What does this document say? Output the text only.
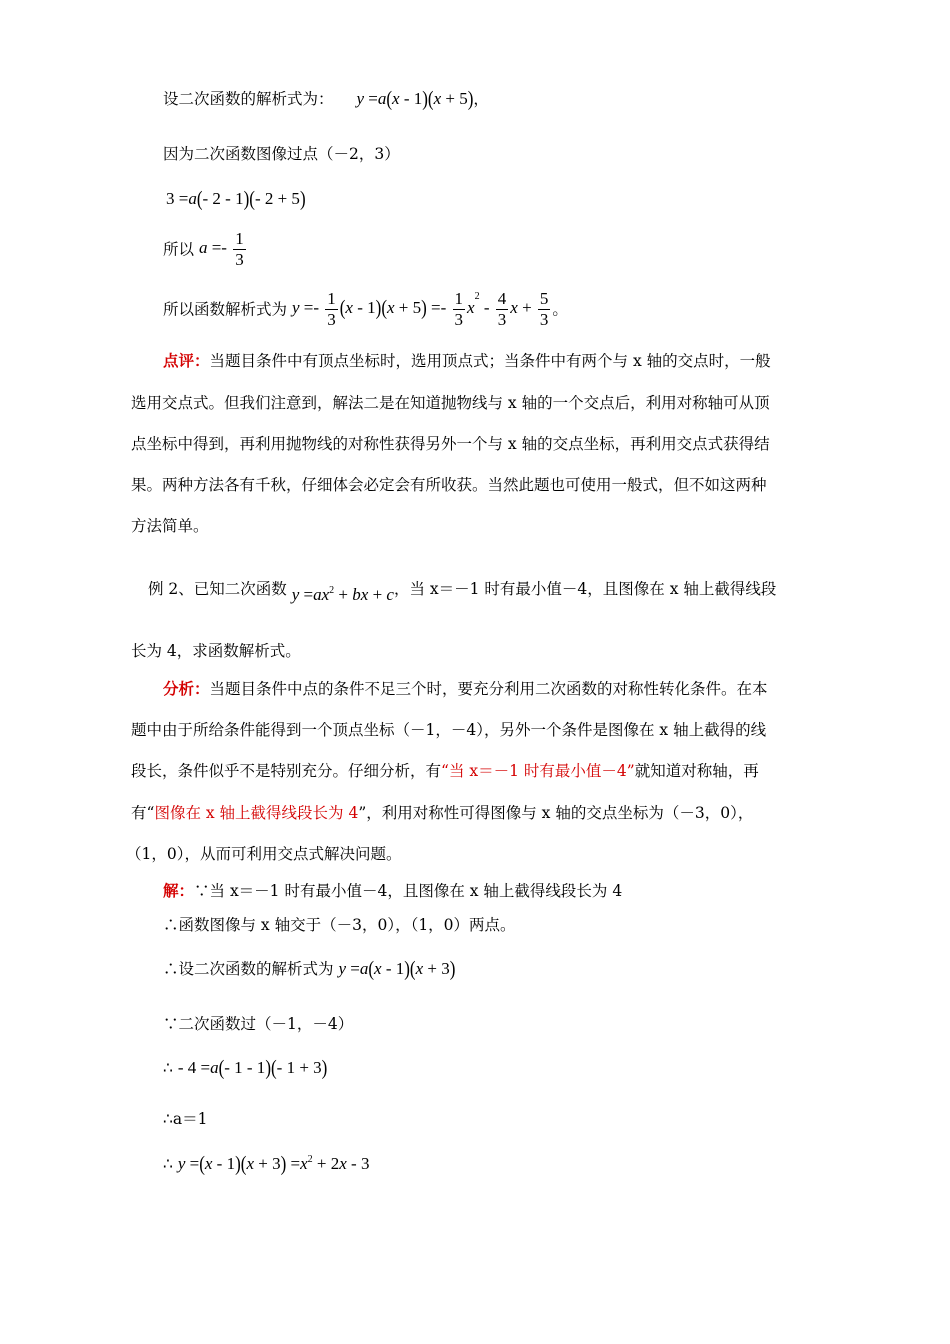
设二次函数的解析式为： y =a(x - 1)(x + 5)，
因为二次函数图像过点（－2，3）
3 =a(- 2 - 1)(- 2 + 5)
所以 $a =- \frac{1}{3}$
所以函数解析式为 $y =- \frac{1}{3} (x - 1)(x + 5) =- \frac{1}{3} x^2 - \frac{4}{3}$ $x + \frac{5}{3}$ 。
点评：当题目条件中有顶点坐标时，选用顶点式；当条件中有两个与 x 轴的交点时，一般
选用交点式。但我们注意到，解法二是在知道抛物线与 x 轴的一个交点后，利用对称轴可从顶
点坐标中得到，再利用抛物线的对称性获得另外一个与 x 轴的交点坐标，再利用交点式获得结
果。两种方法各有千秋，仔细体会必定会有所收获。当然此题也可使用一般式，但不如这两种
方法简单。
例 2、已知二次函数 $y =ax^2$ + bx + c，当 x＝－1 时有最小值－4，且图像在 x 轴上截得线段
长为 4，求函数解析式。
分析：当题目条件中点的条件不足三个时，要充分利用二次函数的对称性转化条件。在本
题中由于所给条件能得到一个顶点坐标（－1，－4），另外一个条件是图像在 x 轴上截得的线
段长，条件似乎不是特别充分。仔细分析，有“当 x＝－1 时有最小值－4”就知道对称轴，再
有“图像在 x 轴上截得线段长为 4”，利用对称性可得图像与 x 轴的交点坐标为（－3，0），
（1，0），从而可利用交点式解决问题。
解：∵当 x＝－1 时有最小值－4，且图像在 x 轴上截得线段长为 4
∴函数图像与 x 轴交于（－3，0），（1，0）两点。
∴设二次函数的解析式为 y =a(x - 1)(x + 3)
∵二次函数过（－1，－4）
∴ - 4 =a(- 1 - 1)(- 1 + 3)
∴a＝1
∴ $y =(x - 1)(x + 3) =x^2 + 2x - 3$
